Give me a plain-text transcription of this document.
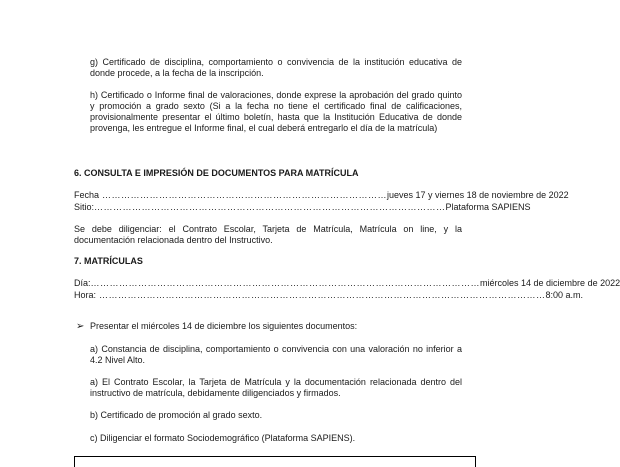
g) Certificado de disciplina, comportamiento o convivencia de la institución educativa de donde procede, a la fecha de la inscripción.

h) Certificado o Informe final de valoraciones, donde exprese la aprobación del grado quinto y promoción a grado sexto (Si a la fecha no tiene el certificado final de calificaciones, provisionalmente presentar el último boletín, hasta que la Institución Educativa de donde provenga, les entregue el Informe final, el cual deberá entregarlo el día de la matrícula)

6. CONSULTA E IMPRESIÓN DE DOCUMENTOS PARA MATRÍCULA

Fecha ……………………………………………………………………………… jueves 17 y viernes 18 de noviembre de 2022
Sitio: ………………………………………………………………………………………………… Plataforma SAPIENS

Se debe diligenciar: el Contrato Escolar, Tarjeta de Matrícula, Matrícula on line, y la documentación relacionada dentro del Instructivo.

7. MATRÍCULAS

Día: …………………………………………………………………………………………………………… miércoles 14 de diciembre de 2022
Hora: …………………………………………………………………………………………………………………………… 8:00 a.m.
➢ Presentar el miércoles 14 de diciembre los siguientes documentos:

a) Constancia de disciplina, comportamiento o convivencia con una valoración no inferior a 4.2 Nivel Alto.

a) El Contrato Escolar, la Tarjeta de Matrícula y la documentación relacionada dentro del instructivo de matrícula, debidamente diligenciados y firmados.

b) Certificado de promoción al grado sexto.

c) Diligenciar el formato Sociodemográfico (Plataforma SAPIENS).
